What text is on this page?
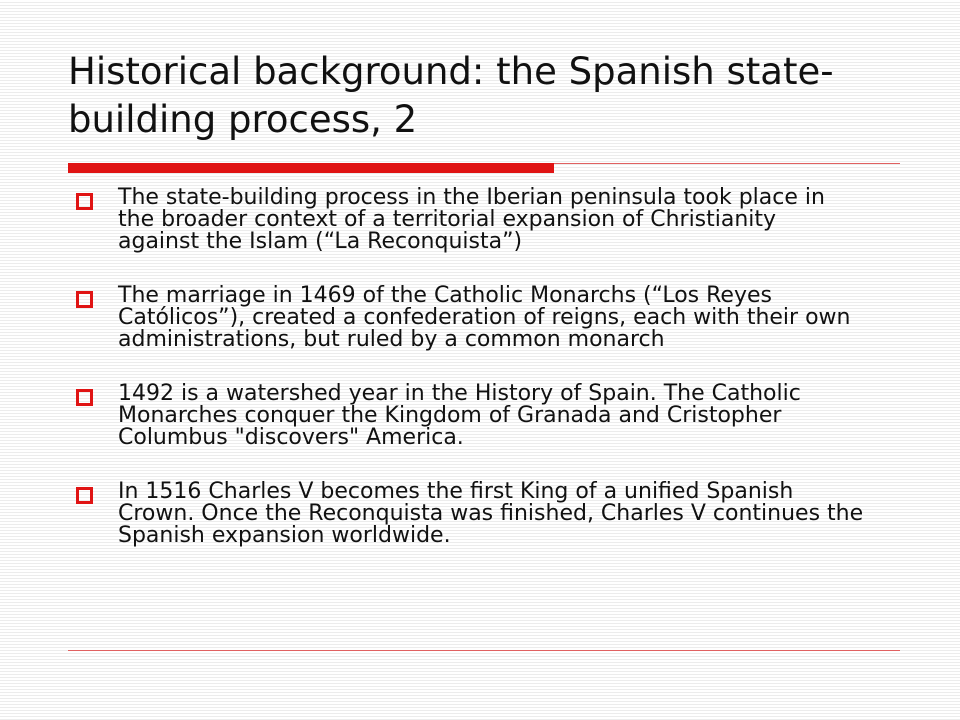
Historical background: the Spanish state-building process, 2
The state-building process in the Iberian peninsula took place in the broader context of a territorial expansion of Christianity against the Islam (“La Reconquista”)
The marriage in 1469 of the Catholic Monarchs (“Los Reyes Católicos”), created a confederation of reigns, each with their own administrations, but ruled by a common monarch
1492 is a watershed year in the History of Spain. The Catholic Monarches conquer the Kingdom of Granada and Cristopher Columbus "discovers" America.
In 1516 Charles V becomes the first King of a unified Spanish Crown. Once the Reconquista was finished, Charles V continues the Spanish expansion worldwide.
